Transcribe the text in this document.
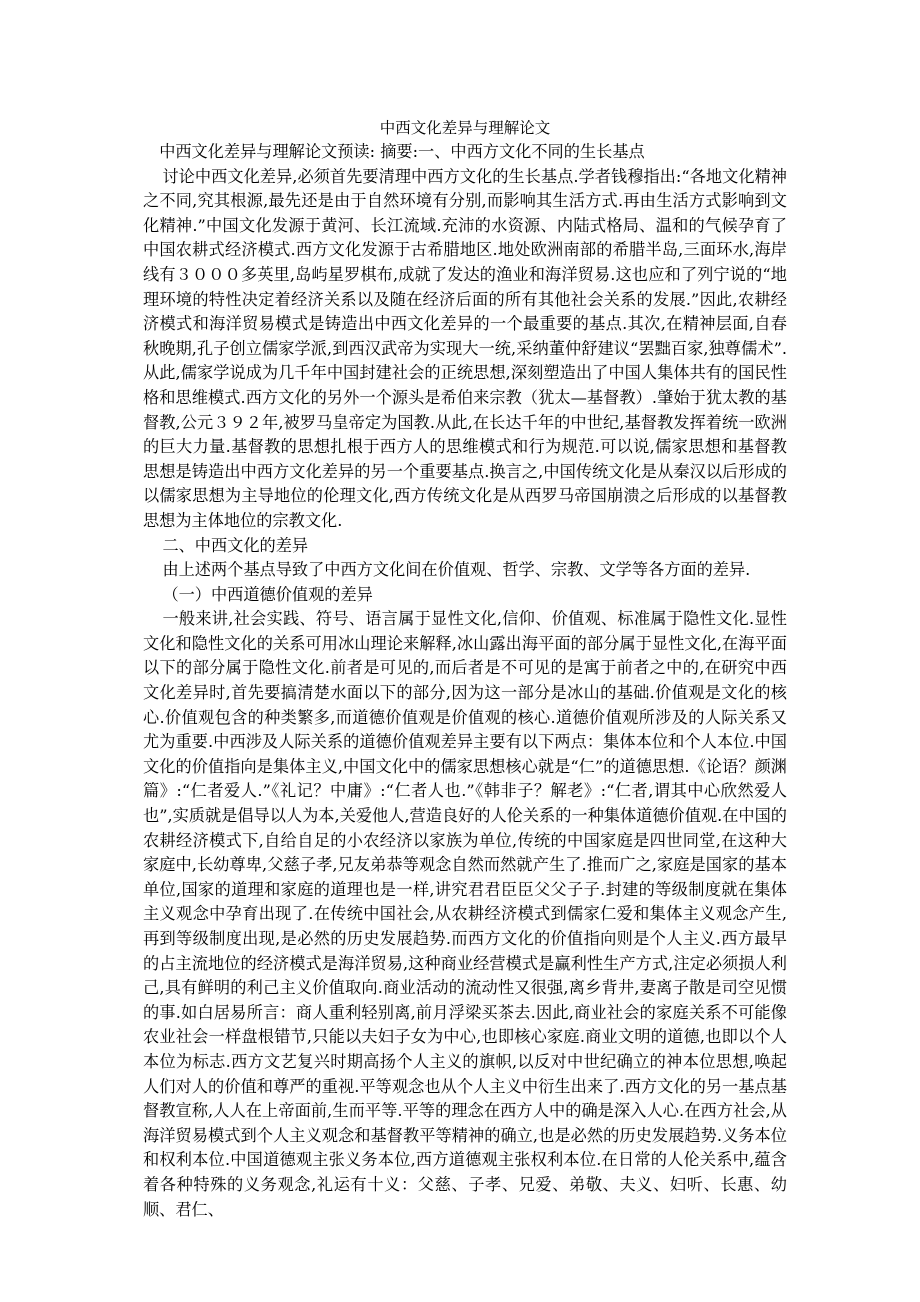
中西文化差异与理解论文

中西文化差异与理解论文预读: 摘要:一、中西方文化不同的生长基点

讨论中西文化差异,必须首先要清理中西方文化的生长基点.学者钱穆指出:“各地文化精神之不同,究其根源,最先还是由于自然环境有分别,而影响其生活方式.再由生活方式影响到文化精神.”中国文化发源于黄河、长江流域.充沛的水资源、内陆式格局、温和的气候孕育了中国农耕式经济模式.西方文化发源于古希腊地区.地处欧洲南部的希腊半岛,三面环水,海岸线有３０００多英里,岛屿星罗棋布,成就了发达的渔业和海洋贸易.这也应和了列宁说的“地理环境的特性决定着经济关系以及随在经济后面的所有其他社会关系的发展.”因此,农耕经济模式和海洋贸易模式是铸造出中西文化差异的一个最重要的基点.其次,在精神层面,自春秋晚期,孔子创立儒家学派,到西汉武帝为实现大一统,采纳董仲舒建议“罢黜百家,独尊儒术”.从此,儒家学说成为几千年中国封建社会的正统思想,深刻塑造出了中国人集体共有的国民性格和思维模式.西方文化的另外一个源头是希伯来宗教（犹太—基督教）.肇始于犹太教的基督教,公元３９２年,被罗马皇帝定为国教.从此,在长达千年的中世纪,基督教发挥着统一欧洲的巨大力量.基督教的思想扎根于西方人的思维模式和行为规范.可以说,儒家思想和基督教思想是铸造出中西方文化差异的另一个重要基点.换言之,中国传统文化是从秦汉以后形成的以儒家思想为主导地位的伦理文化,西方传统文化是从西罗马帝国崩溃之后形成的以基督教思想为主体地位的宗教文化.

二、中西文化的差异

由上述两个基点导致了中西方文化间在价值观、哲学、宗教、文学等各方面的差异.

（一）中西道德价值观的差异

一般来讲,社会实践、符号、语言属于显性文化,信仰、价值观、标准属于隐性文化.显性文化和隐性文化的关系可用冰山理论来解释,冰山露出海平面的部分属于显性文化,在海平面以下的部分属于隐性文化.前者是可见的,而后者是不可见的是寓于前者之中的,在研究中西文化差异时,首先要搞清楚水面以下的部分,因为这一部分是冰山的基础.价值观是文化的核心.价值观包含的种类繁多,而道德价值观是价值观的核心.道德价值观所涉及的人际关系又尤为重要.中西涉及人际关系的道德价值观差异主要有以下两点：集体本位和个人本位.中国文化的价值指向是集体主义,中国文化中的儒家思想核心就是“仁”的道德思想.《论语？颜渊篇》:“仁者爱人.”《礼记？中庸》:“仁者人也.”《韩非子？解老》:“仁者,谓其中心欣然爱人也”,实质就是倡导以人为本,关爱他人,营造良好的人伦关系的一种集体道德价值观.在中国的农耕经济模式下,自给自足的小农经济以家族为单位,传统的中国家庭是四世同堂,在这种大家庭中,长幼尊卑,父慈子孝,兄友弟恭等观念自然而然就产生了.推而广之,家庭是国家的基本单位,国家的道理和家庭的道理也是一样,讲究君君臣臣父父子子.封建的等级制度就在集体主义观念中孕育出现了.在传统中国社会,从农耕经济模式到儒家仁爱和集体主义观念产生,再到等级制度出现,是必然的历史发展趋势.而西方文化的价值指向则是个人主义.西方最早的占主流地位的经济模式是海洋贸易,这种商业经营模式是赢利性生产方式,注定必须损人利己,具有鲜明的利己主义价值取向.商业活动的流动性又很强,离乡背井,妻离子散是司空见惯的事.如白居易所言：商人重利轻别离,前月浮梁买茶去.因此,商业社会的家庭关系不可能像农业社会一样盘根错节,只能以夫妇子女为中心,也即核心家庭.商业文明的道德,也即以个人本位为标志.西方文艺复兴时期高扬个人主义的旗帜,以反对中世纪确立的神本位思想,唤起人们对人的价值和尊严的重视.平等观念也从个人主义中衍生出来了.西方文化的另一基点基督教宣称,人人在上帝面前,生而平等.平等的理念在西方人中的确是深入人心.在西方社会,从海洋贸易模式到个人主义观念和基督教平等精神的确立,也是必然的历史发展趋势.义务本位和权利本位.中国道德观主张义务本位,西方道德观主张权利本位.在日常的人伦关系中,蕴含着各种特殊的义务观念,礼运有十义：父慈、子孝、兄爱、弟敬、夫义、妇听、长惠、幼顺、君仁、
